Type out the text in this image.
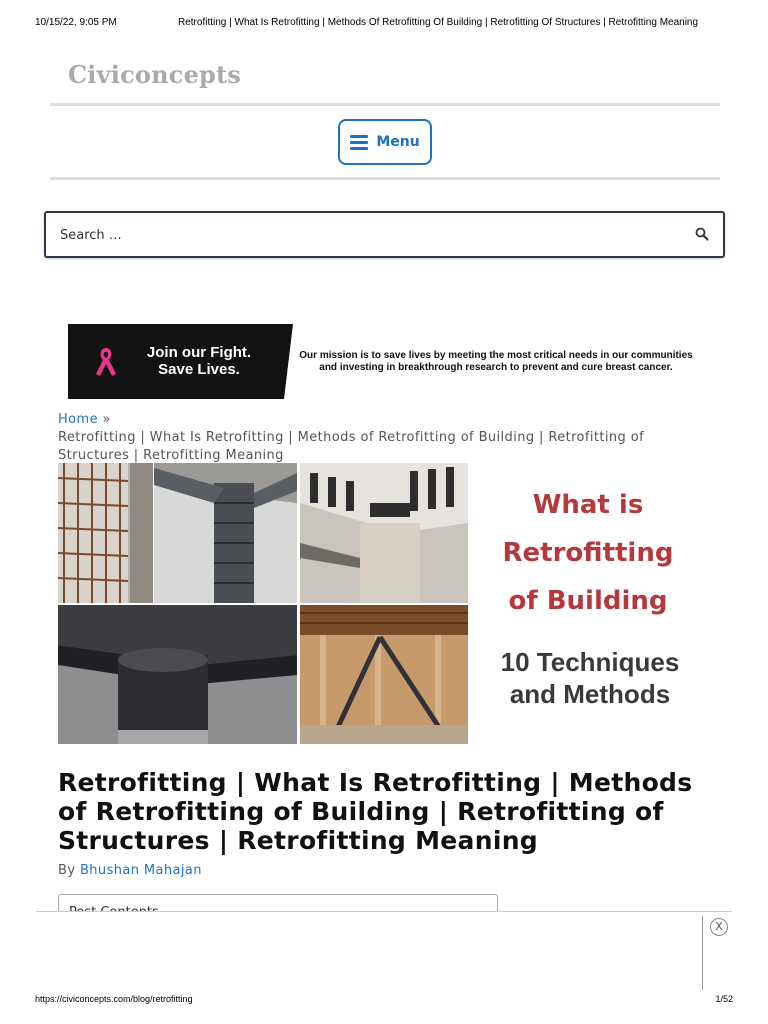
10/15/22, 9:05 PM	Retrofitting | What Is Retrofitting | Methods Of Retrofitting Of Building | Retrofitting Of Structures | Retrofitting Meaning
Civiconcepts
Menu
Search …
Join our Fight.
Save Lives.
Our mission is to save lives by meeting the most critical needs in our communities
and investing in breakthrough research to prevent and cure breast cancer.
Home »
Retrofitting | What Is Retrofitting | Methods of Retrofitting of Building | Retrofitting of Structures | Retrofitting Meaning
What is
Retrofitting
of Building
10 Techniques
and Methods
Retrofitting | What Is Retrofitting | Methods of Retrofitting of Building | Retrofitting of Structures | Retrofitting Meaning
By Bhushan Mahajan
X
https://civiconcepts.com/blog/retrofitting	1/52
